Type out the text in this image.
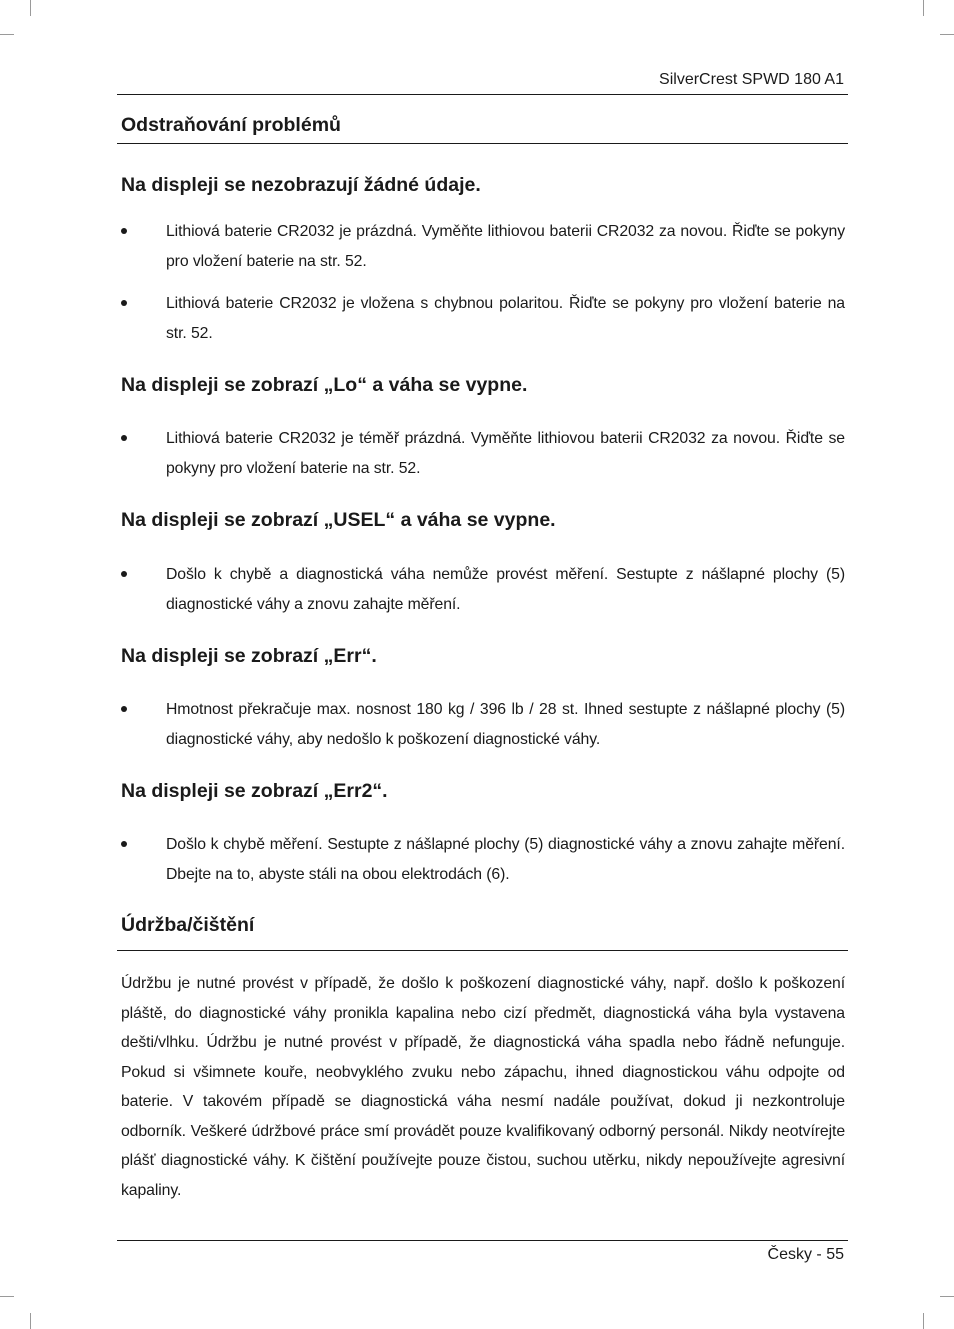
SilverCrest SPWD 180 A1
Odstraňování problémů
Na displeji se nezobrazují žádné údaje.
Lithiová baterie CR2032 je prázdná. Vyměňte lithiovou baterii CR2032 za novou. Řiďte se pokyny pro vložení baterie na str. 52.
Lithiová baterie CR2032 je vložena s chybnou polaritou. Řiďte se pokyny pro vložení baterie na str. 52.
Na displeji se zobrazí „Lo“ a váha se vypne.
Lithiová baterie CR2032 je téměř prázdná. Vyměňte lithiovou baterii CR2032 za novou. Řiďte se pokyny pro vložení baterie na str. 52.
Na displeji se zobrazí „USEL“ a váha se vypne.
Došlo k chybě a diagnostická váha nemůže provést měření. Sestupte z nášlapné plochy (5) diagnostické váhy a znovu zahajte měření.
Na displeji se zobrazí „Err“.
Hmotnost překračuje max. nosnost 180 kg / 396 lb / 28 st. Ihned sestupte z nášlapné plochy (5) diagnostické váhy, aby nedošlo k poškození diagnostické váhy.
Na displeji se zobrazí „Err2“.
Došlo k chybě měření. Sestupte z nášlapné plochy (5) diagnostické váhy a znovu zahajte měření. Dbejte na to, abyste stáli na obou elektrodách (6).
Údržba/čištění

Údržbu je nutné provést v případě, že došlo k poškození diagnostické váhy, např. došlo k poškození pláště, do diagnostické váhy pronikla kapalina nebo cizí předmět, diagnostická váha byla vystavena dešti/vlhku. Údržbu je nutné provést v případě, že diagnostická váha spadla nebo řádně nefunguje. Pokud si všimnete kouře, neobvyklého zvuku nebo zápachu, ihned diagnostickou váhu odpojte od baterie. V takovém případě se diagnostická váha nesmí nadále používat, dokud ji nezkontroluje odborník. Veškeré údržbové práce smí provádět pouze kvalifikovaný odborný personál. Nikdy neotvírejte plášť diagnostické váhy. K čištění používejte pouze čistou, suchou utěrku, nikdy nepoužívejte agresivní kapaliny.

Česky - 55
